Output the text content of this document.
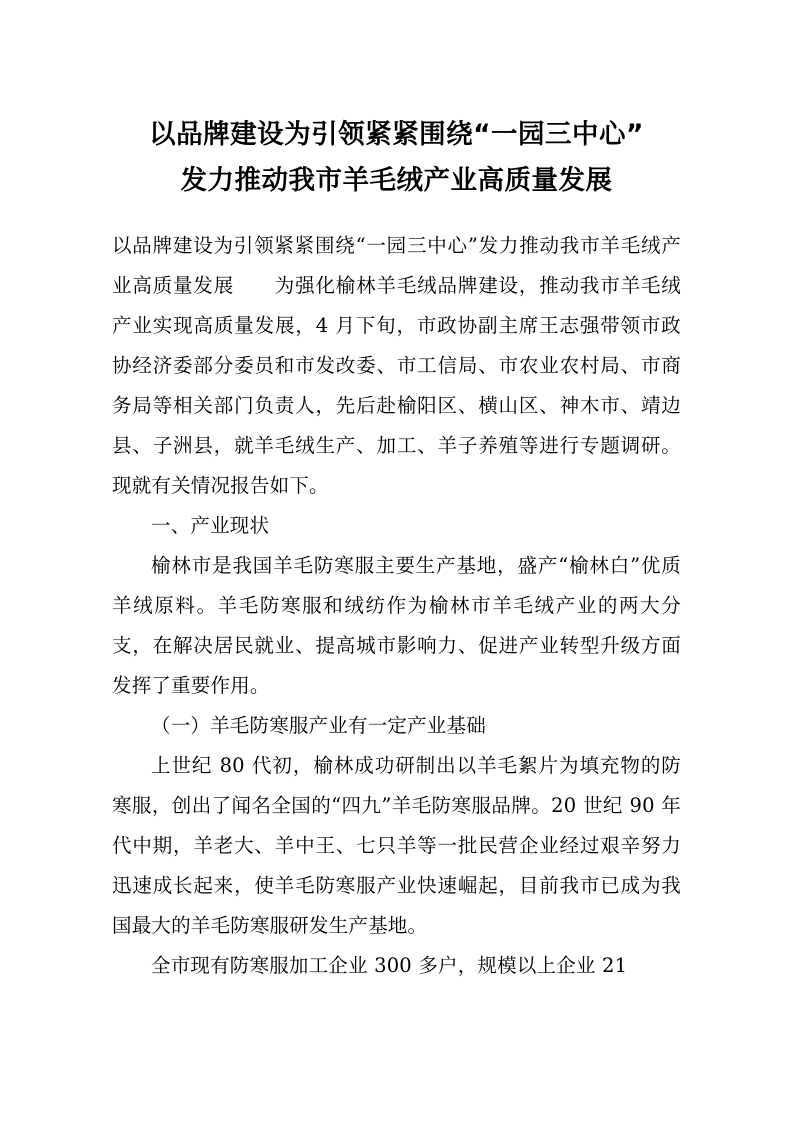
以品牌建设为引领紧紧围绕“一园三中心”
发力推动我市羊毛绒产业高质量发展

以品牌建设为引领紧紧围绕“一园三中心”发力推动我市羊毛绒产业高质量发展　　为强化榆林羊毛绒品牌建设，推动我市羊毛绒产业实现高质量发展，4 月下旬，市政协副主席王志强带领市政协经济委部分委员和市发改委、市工信局、市农业农村局、市商务局等相关部门负责人，先后赴榆阳区、横山区、神木市、靖边县、子洲县，就羊毛绒生产、加工、羊子养殖等进行专题调研。现就有关情况报告如下。

一、产业现状

榆林市是我国羊毛防寒服主要生产基地，盛产“榆林白”优质羊绒原料。羊毛防寒服和绒纺作为榆林市羊毛绒产业的两大分支，在解决居民就业、提高城市影响力、促进产业转型升级方面发挥了重要作用。

（一）羊毛防寒服产业有一定产业基础

上世纪 80 代初，榆林成功研制出以羊毛絮片为填充物的防寒服，创出了闻名全国的“四九”羊毛防寒服品牌。20 世纪 90 年代中期，羊老大、羊中王、七只羊等一批民营企业经过艰辛努力迅速成长起来，使羊毛防寒服产业快速崛起，目前我市已成为我国最大的羊毛防寒服研发生产基地。

全市现有防寒服加工企业 300 多户，规模以上企业 21
